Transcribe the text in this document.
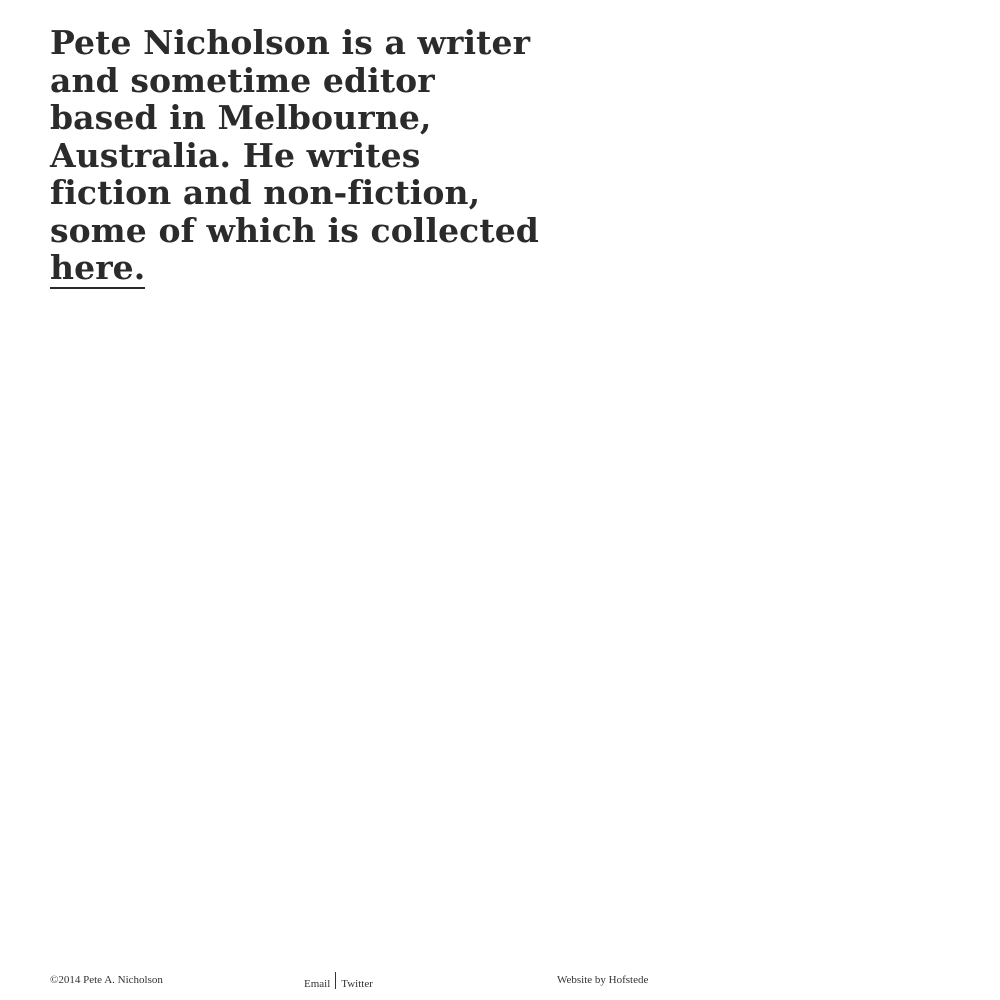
Pete Nicholson is a writer and sometime editor based in Melbourne, Australia. He writes fiction and non-fiction, some of which is collected here.

©2014 Pete A. Nicholson	Email Twitter	Website by Hofstede
